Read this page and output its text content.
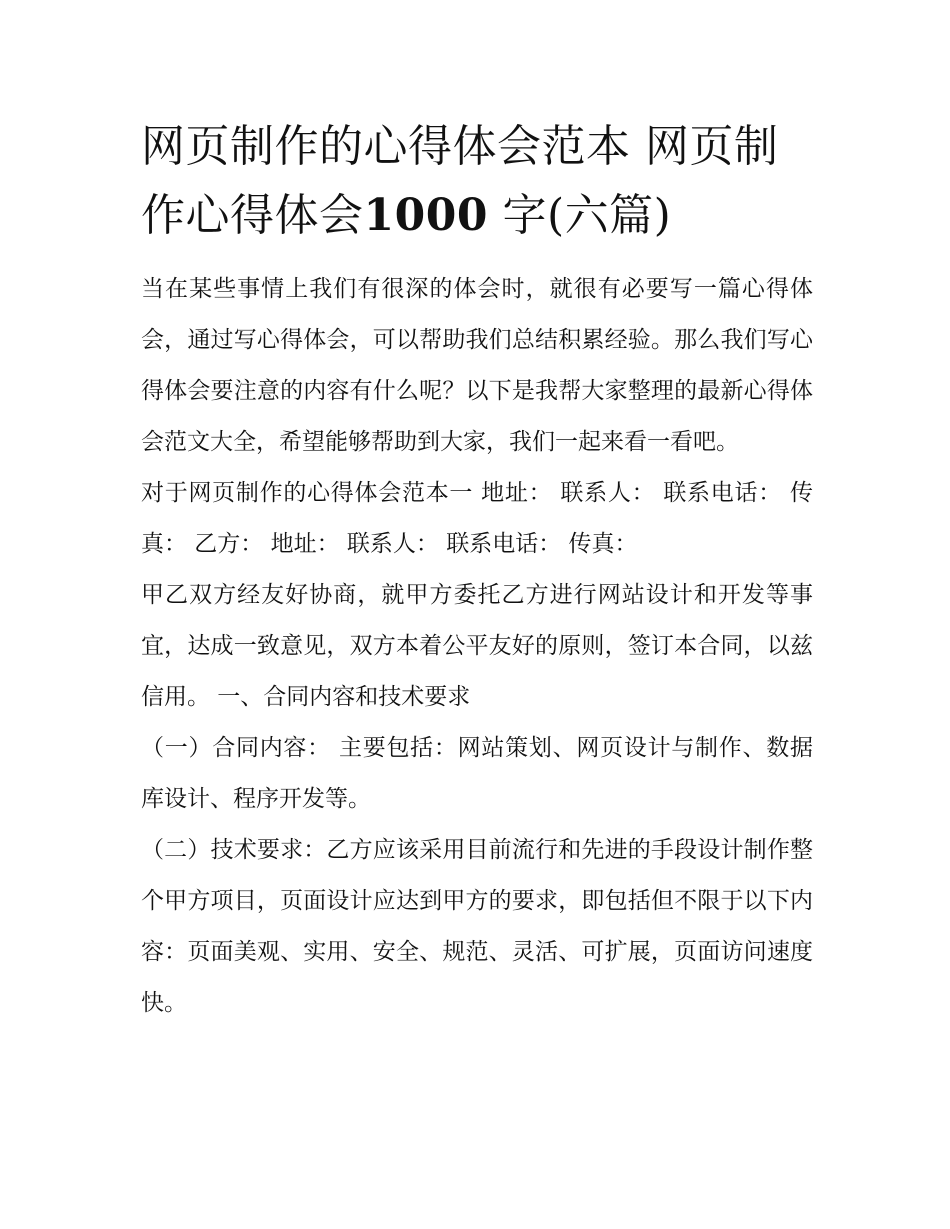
网页制作的心得体会范本 网页制作心得体会1000 字(六篇)

当在某些事情上我们有很深的体会时，就很有必要写一篇心得体会，通过写心得体会，可以帮助我们总结积累经验。那么我们写心得体会要注意的内容有什么呢？以下是我帮大家整理的最新心得体会范文大全，希望能够帮助到大家，我们一起来看一看吧。

对于网页制作的心得体会范本一 地址： 联系人： 联系电话： 传真： 乙方： 地址： 联系人： 联系电话： 传真：

甲乙双方经友好协商，就甲方委托乙方进行网站设计和开发等事宜，达成一致意见，双方本着公平友好的原则，签订本合同，以兹信用。 一、合同内容和技术要求

（一）合同内容： 主要包括：网站策划、网页设计与制作、数据库设计、程序开发等。

（二）技术要求：乙方应该采用目前流行和先进的手段设计制作整个甲方项目，页面设计应达到甲方的要求，即包括但不限于以下内容：页面美观、实用、安全、规范、灵活、可扩展，页面访问速度快。
